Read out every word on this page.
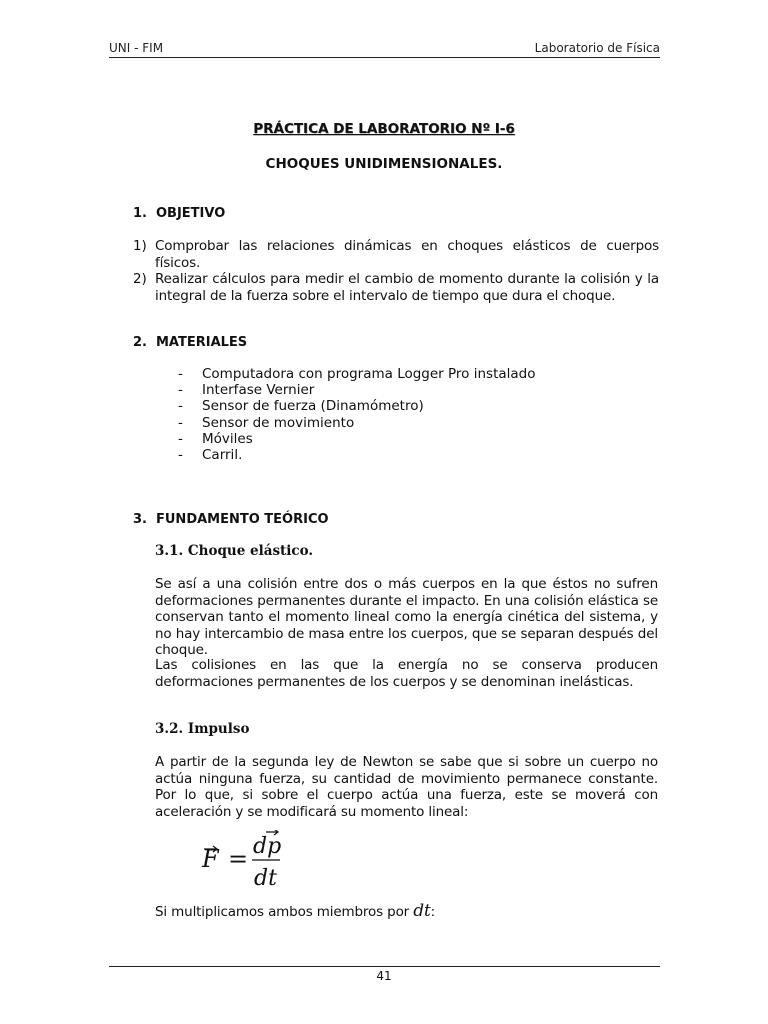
UNI - FIM	Laboratorio de Física
PRÁCTICA DE LABORATORIO Nº I-6
CHOQUES UNIDIMENSIONALES.
1. OBJETIVO
1) Comprobar las relaciones dinámicas en choques elásticos de cuerpos físicos.
2) Realizar cálculos para medir el cambio de momento durante la colisión y la integral de la fuerza sobre el intervalo de tiempo que dura el choque.
2. MATERIALES
- Computadora con programa Logger Pro instalado
- Interfase Vernier
- Sensor de fuerza (Dinamómetro)
- Sensor de movimiento
- Móviles
- Carril.
3. FUNDAMENTO TEÓRICO
3.1. Choque elástico.
Se así a una colisión entre dos o más cuerpos en la que éstos no sufren deformaciones permanentes durante el impacto. En una colisión elástica se conservan tanto el momento lineal como la energía cinética del sistema, y no hay intercambio de masa entre los cuerpos, que se separan después del choque.
Las colisiones en las que la energía no se conserva producen deformaciones permanentes de los cuerpos y se denominan inelásticas.
3.2. Impulso
A partir de la segunda ley de Newton se sabe que si sobre un cuerpo no actúa ninguna fuerza, su cantidad de movimiento permanece constante. Por lo que, si sobre el cuerpo actúa una fuerza, este se moverá con aceleración y se modificará su momento lineal:
F = dp
dt
Si multiplicamos ambos miembros por dt:
41
